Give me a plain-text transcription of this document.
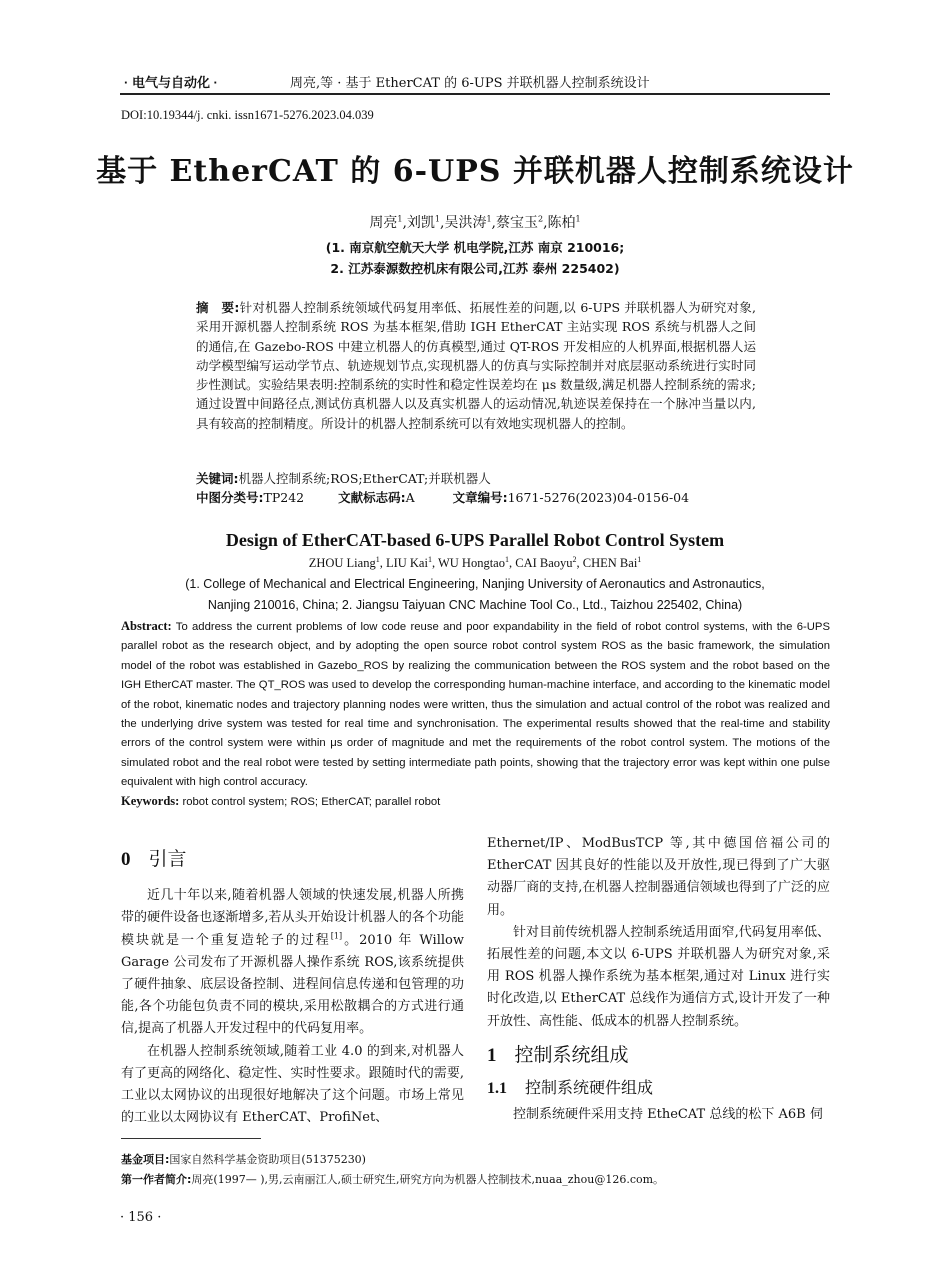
· 电气与自动化 ·	周亮,等 · 基于 EtherCAT 的 6-UPS 并联机器人控制系统设计
DOI:10.19344/j. cnki. issn1671-5276.2023.04.039
基于 EtherCAT 的 6-UPS 并联机器人控制系统设计
周亮$^1$,刘凯$^1$,吴洪涛$^1$,蔡宝玉$^2$,陈柏$^1$
(1. 南京航空航天大学 机电学院,江苏 南京 210016;
2. 江苏泰源数控机床有限公司,江苏 泰州 225402)
摘　要:针对机器人控制系统领域代码复用率低、拓展性差的问题,以 6-UPS 并联机器人为研究对象,采用开源机器人控制系统 ROS 为基本框架,借助 IGH EtherCAT 主站实现 ROS 系统与机器人之间的通信,在 Gazebo-ROS 中建立机器人的仿真模型,通过 QT-ROS 开发相应的人机界面,根据机器人运动学模型编写运动学节点、轨迹规划节点,实现机器人的仿真与实际控制并对底层驱动系统进行实时同步性测试。实验结果表明:控制系统的实时性和稳定性误差均在 μs 数量级,满足机器人控制系统的需求;通过设置中间路径点,测试仿真机器人以及真实机器人的运动情况,轨迹误差保持在一个脉冲当量以内,具有较高的控制精度。所设计的机器人控制系统可以有效地实现机器人的控制。
关键词:机器人控制系统;ROS;EtherCAT;并联机器人
中图分类号:TP242	文献标志码:A	文章编号:1671-5276(2023)04-0156-04
Design of EtherCAT-based 6-UPS Parallel Robot Control System
ZHOU Liang$^1$, LIU Kai$^1$, WU Hongtao$^1$, CAI Baoyu$^2$, CHEN Bai$^1$
(1. College of Mechanical and Electrical Engineering, Nanjing University of Aeronautics and Astronautics,
Nanjing 210016, China; 2. Jiangsu Taiyuan CNC Machine Tool Co., Ltd., Taizhou 225402, China)
Abstract: To address the current problems of low code reuse and poor expandability in the field of robot control systems, with the 6-UPS parallel robot as the research object, and by adopting the open source robot control system ROS as the basic framework, the simulation model of the robot was established in Gazebo_ROS by realizing the communication between the ROS system and the robot based on the IGH EtherCAT master. The QT_ROS was used to develop the corresponding human-machine interface, and according to the kinematic model of the robot, kinematic nodes and trajectory planning nodes were written, thus the simulation and actual control of the robot was realized and the underlying drive system was tested for real time and synchronisation. The experimental results showed that the real-time and stability errors of the control system were within μs order of magnitude and met the requirements of the robot control system. The motions of the simulated robot and the real robot were tested by setting intermediate path points, showing that the trajectory error was kept within one pulse equivalent with high control accuracy.
Keywords: robot control system; ROS; EtherCAT; parallel robot
0 引言

近几十年以来,随着机器人领域的快速发展,机器人所携带的硬件设备也逐渐增多,若从头开始设计机器人的各个功能模块就是一个重复造轮子的过程[1]。2010 年 Willow Garage 公司发布了开源机器人操作系统 ROS,该系统提供了硬件抽象、底层设备控制、进程间信息传递和包管理的功能,各个功能包负责不同的模块,采用松散耦合的方式进行通信,提高了机器人开发过程中的代码复用率。

在机器人控制系统领域,随着工业 4.0 的到来,对机器人有了更高的网络化、稳定性、实时性要求。跟随时代的需要,工业以太网协议的出现很好地解决了这个问题。市场上常见的工业以太网协议有 EtherCAT、ProfiNet、

Ethernet/IP、ModBusTCP 等,其中德国倍福公司的 EtherCAT 因其良好的性能以及开放性,现已得到了广大驱动器厂商的支持,在机器人控制器通信领域也得到了广泛的应用。

针对目前传统机器人控制系统适用面窄,代码复用率低、拓展性差的问题,本文以 6-UPS 并联机器人为研究对象,采用 ROS 机器人操作系统为基本框架,通过对 Linux 进行实时化改造,以 EtherCAT 总线作为通信方式,设计开发了一种开放性、高性能、低成本的机器人控制系统。

1 控制系统组成
1.1 控制系统硬件组成

控制系统硬件采用支持 EtheCAT 总线的松下 A6B 伺

基金项目:国家自然科学基金资助项目(51375230)
第一作者简介:周亮(1997— ),男,云南丽江人,硕士研究生,研究方向为机器人控制技术,nuaa_zhou@126.com。
· 156 ·
